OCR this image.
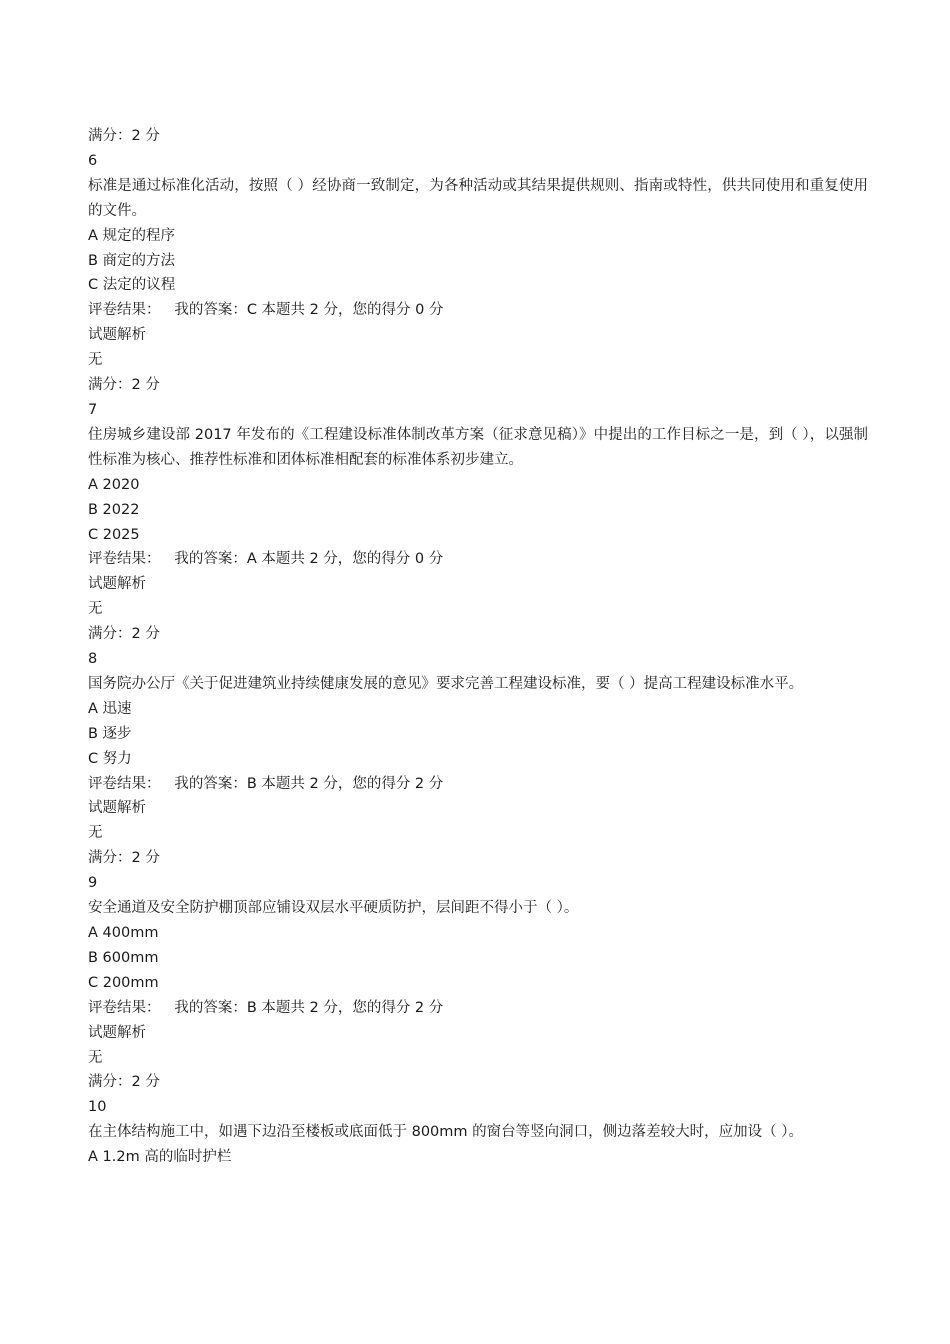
满分：2 分
6
标准是通过标准化活动，按照（ ）经协商一致制定，为各种活动或其结果提供规则、指南或特性，供共同使用和重复使用的文件。
A 规定的程序
B 商定的方法
C 法定的议程
评卷结果：   我的答案：C 本题共 2 分，您的得分 0 分
试题解析
无
满分：2 分
7
住房城乡建设部 2017 年发布的《工程建设标准体制改革方案（征求意见稿）》中提出的工作目标之一是，到（ ），以强制性标准为核心、推荐性标准和团体标准相配套的标准体系初步建立。
A 2020
B 2022
C 2025
评卷结果：   我的答案：A 本题共 2 分，您的得分 0 分
试题解析
无
满分：2 分
8
国务院办公厅《关于促进建筑业持续健康发展的意见》要求完善工程建设标准，要（ ）提高工程建设标准水平。
A 迅速
B 逐步
C 努力
评卷结果：   我的答案：B 本题共 2 分，您的得分 2 分
试题解析
无
满分：2 分
9
安全通道及安全防护棚顶部应铺设双层水平硬质防护，层间距不得小于（ ）。
A 400mm
B 600mm
C 200mm
评卷结果：   我的答案：B 本题共 2 分，您的得分 2 分
试题解析
无
满分：2 分
10
在主体结构施工中，如遇下边沿至楼板或底面低于 800mm 的窗台等竖向洞口，侧边落差较大时，应加设（ ）。
A 1.2m 高的临时护栏
